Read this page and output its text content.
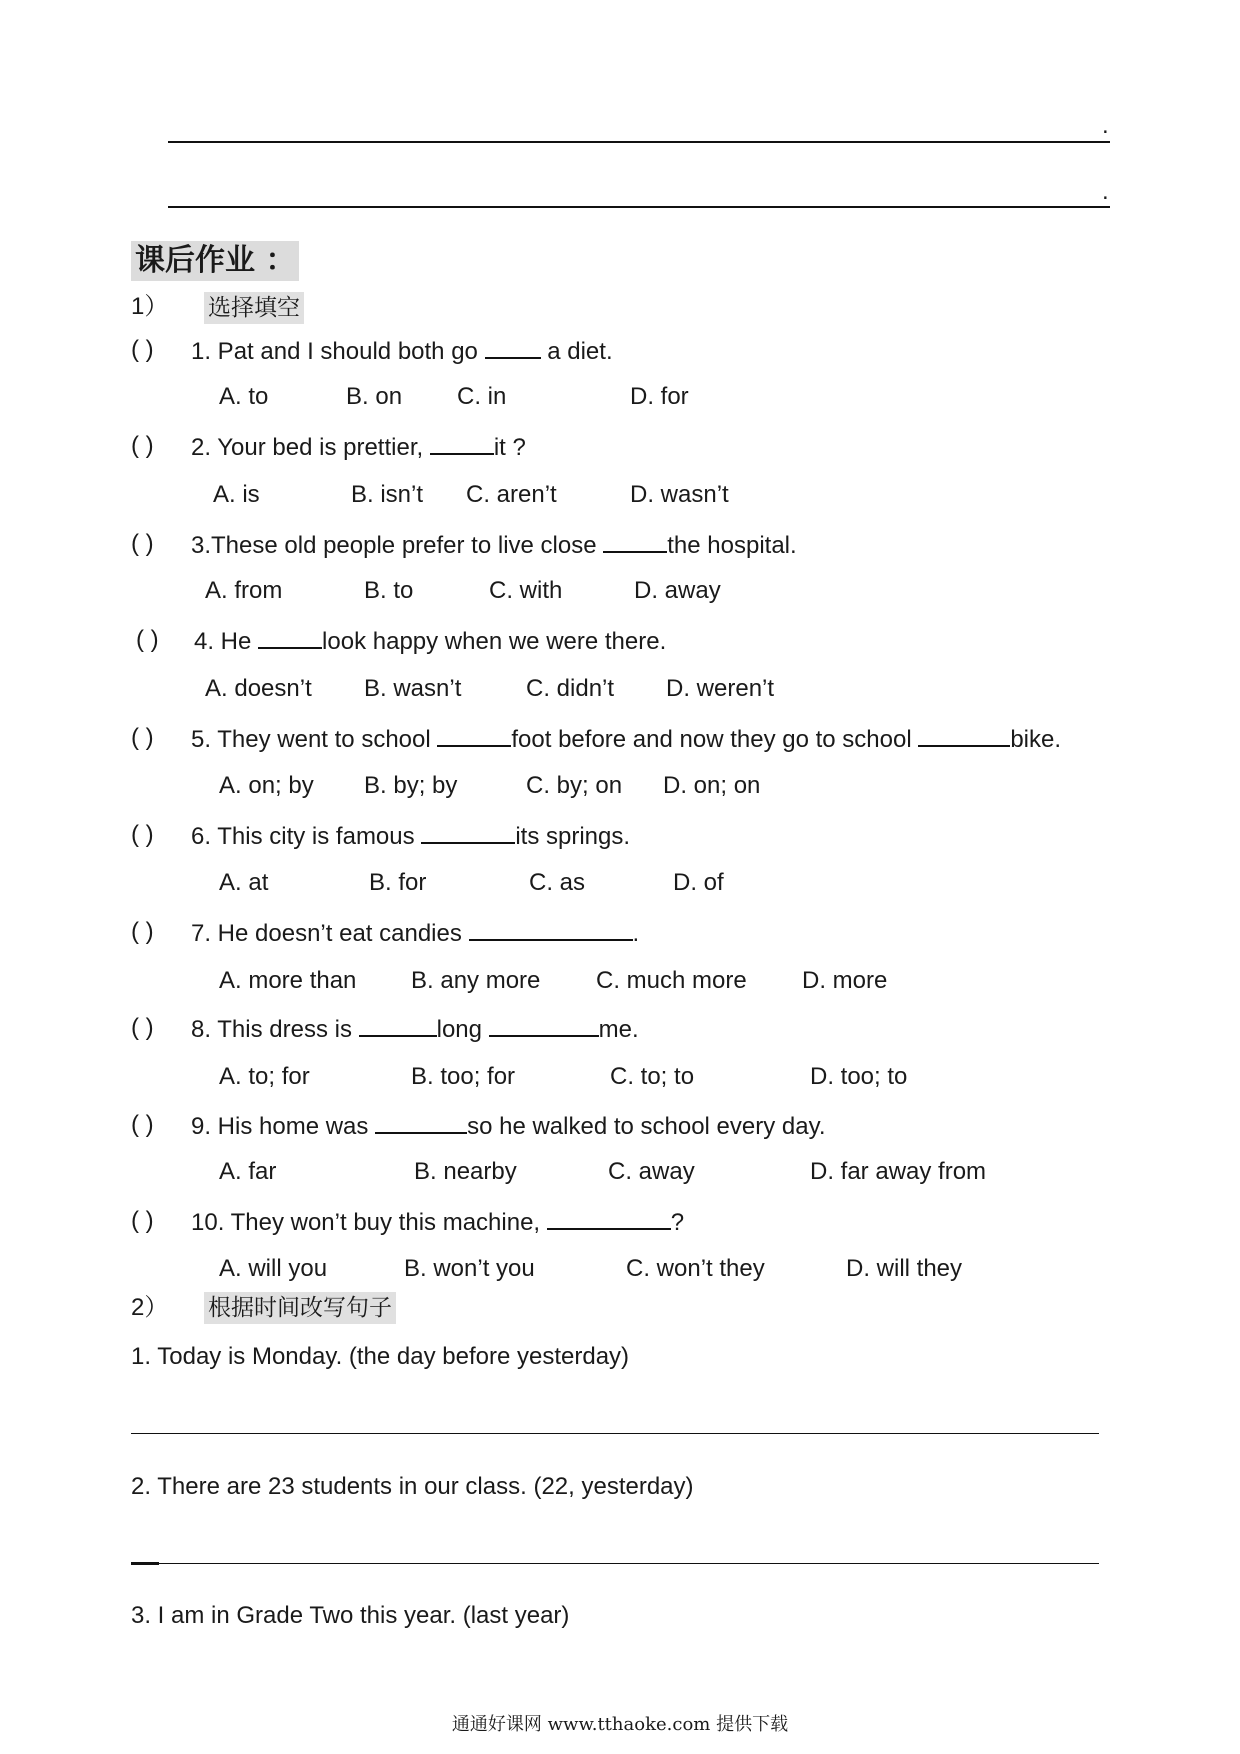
.
.
课后作业 ：
1） 选择填空
( ) 1. Pat and I should both go	a diet.
A. to	B. on C. in	D. for
( ) 2. Your bed is prettier,	it ?
A. is	B. isn’t C. aren’t	D. wasn’t
( ) 3.These old people prefer to live close	the hospital.
A. from	B. to	C. with	D. away
( ) 4. He	look happy when we were there.
A. doesn’t B. wasn’t	C. didn’t D. weren’t
( ) 5. They went to school	foot before and now they go to school	bike.
A. on; by B. by; by	C. by; on D. on; on
( ) 6. This city is famous	its springs.
A. at	B. for	C. as	D. of
( ) 7. He doesn’t eat candies	.
A. more than B. any more C. much more D. more
( ) 8. This dress is	long	me.
A. to; for	B. too; for	C. to; to	D. too; to
( ) 9. His home was	so he walked to school every day.
A. far	B. nearby	C. away	D. far away from
( ) 10. They won’t buy this machine,	?
A. will you	B. won’t you	C. won’t they	D. will they
2） 根据时间改写句子
1. Today is Monday. (the day before yesterday)
2. There are 23 students in our class. (22, yesterday)
3. I am in Grade Two this year. (last year)
通通好课网 www.tthaoke.com 提供下载
